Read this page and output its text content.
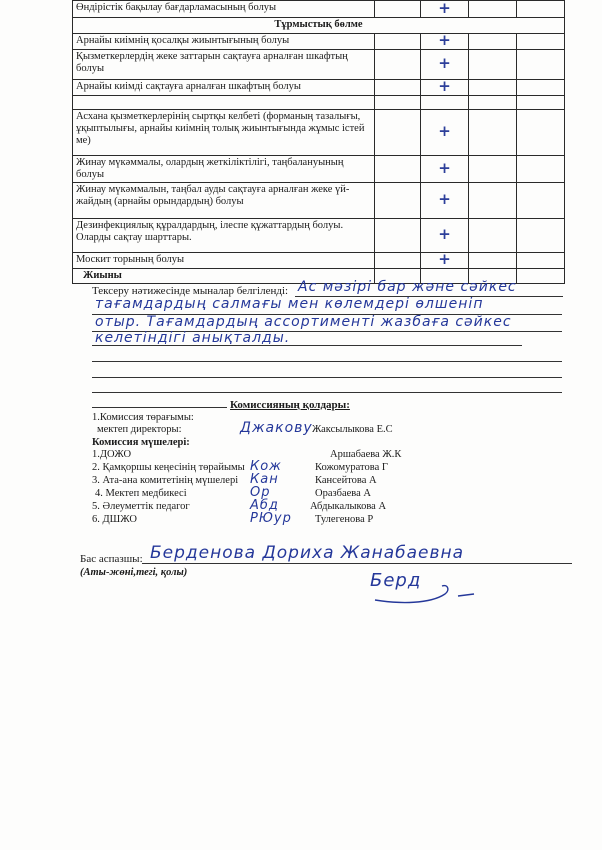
Өндірістік бақылау бағдарламасының болуы		+		
Тұрмыстық бөлме				
Арнайы киімнің қосалқы жиынтығының болуы		+		
Қызметкерлердің жеке заттарын сақтауға арналған шкафтың болуы		+		
Арнайы киімді сақтауға арналған шкафтың болуы		+		

Асхана қызметкерлерінің сыртқы келбеті (форманың тазалығы, ұқыптылығы, арнайы киімнің толық жиынтығында жұмыс істей ме)		+		
Жинау мүкәммалы, олардың жеткіліктілігі, таңбалануының болуы		+		
Жинау мүкәммалын, таңбал ауды сақтауға арналған жеке үй-жайдың (арнайы орындардың) болуы		+		
Дезинфекциялық құралдардың, ілеспе құжаттардың болуы. Оларды сақтау шарттары.		+		
Москит торының болуы		+		
Жиыны				
Тексеру нәтижесінде мыналар белгіленді: Ас мәзірі бар және сәйкес
тағамдардың салмағы мен көлемдері өлшеніп
отыр. Тағамдардың ассортименті жазбаға сәйкес
келетіндігі анықталды.
Комиссияның қолдары:
1.Комиссия төрағымы:
мектеп директоры:	Джакову Жаксылыкова Е.С
Комиссия мүшелері:
1.ДОЖО	Аршабаева Ж.К
2. Қамқоршы кеңесінің төрайымы Кож	Кожомуратова Г
3. Ата-ана комитетінің мүшелері Кан	Кансейтова А
4. Мектеп медбикесі	Ор	Оразбаева А
5. Әлеуметтік педагог	Абд	Абдыкалыкова А
6. ДШЖО	РЮур Тулегенова Р
Бас аспазшы: Берденова Дориха Жанабаевна
(Аты-жөні,тегі, қолы)	Берд
